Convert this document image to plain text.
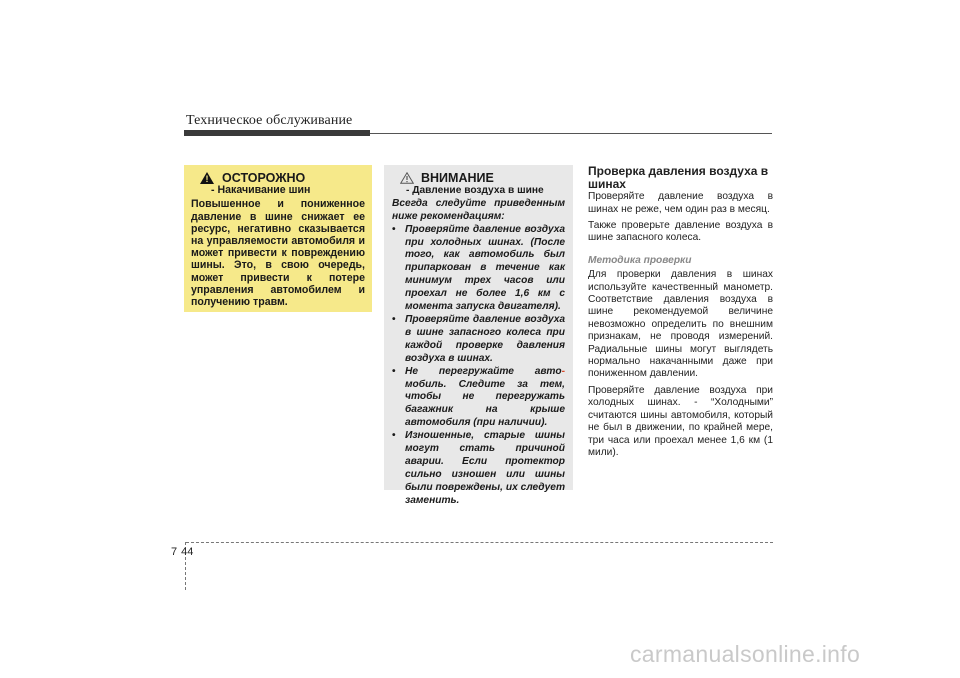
Техническое обслуживание
! ОСТОРОЖНО
- Накачивание шин
Повышенное и пониженное
давление в шине снижает ее
ресурс, негативно сказывается
на управляемости автомобиля и
может привести к повреждению
шины. Это, в свою очередь,
может привести к потере
управления автомобилем и
получению травм.
ВНИМАНИЕ
- Давление воздуха в шине
Всегда следуйте приведенным
ниже рекомендациям:
• Проверяйте давление воздуха
при холодных шинах. (После
того, как автомобиль был
припаркован в течение как
минимум трех часов или
проехал не более 1,6 км с
момента запуска двигателя).
• Проверяйте давление воздуха
в шине запасного колеса при
каждой проверке давления
воздуха в шинах.
• Не перегружайте авто-
мобиль. Следите за тем,
чтобы не перегружать
багажник на крыше
автомобиля (при наличии).
• Изношенные, старые шины
могут стать причиной
аварии. Если протектор
сильно изношен или шины
были повреждены, их следует
заменить.
Проверка давления воздуха в шинах

Проверяйте давление воздуха в шинах не реже, чем один раз в месяц.

Также проверьте давление воздуха в шине запасного колеса.

Методика проверки

Для проверки давления в шинах используйте качественный манометр. Соответствие давления воздуха в шине рекомендуемой величине невозможно определить по внешним признакам, не проводя измерений. Радиальные шины могут выглядеть нормально накачанными даже при пониженном давлении.

Проверяйте давление воздуха при холодных шинах. - “Холодными” считаются шины автомобиля, который не был в движении, по крайней мере, три часа или проехал менее 1,6 км (1 мили).

7 44
carmanualsonline.info
